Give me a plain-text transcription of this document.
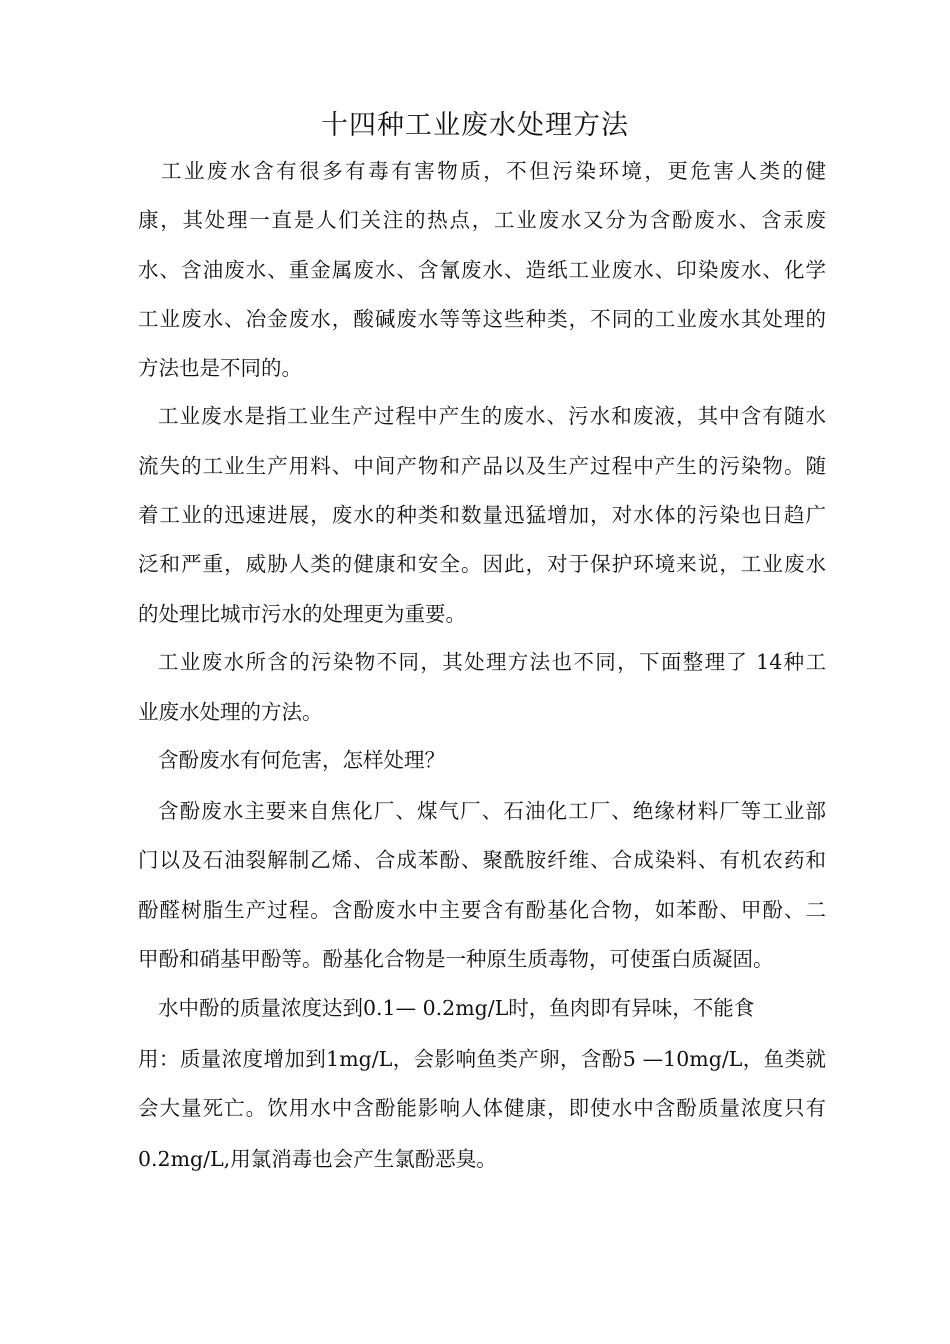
十四种工业废水处理方法

　工业废水含有很多有毒有害物质，不但污染环境，更危害人类的健

康，其处理一直是人们关注的热点，工业废水又分为含酚废水、含汞废

水、含油废水、重金属废水、含氰废水、造纸工业废水、印染废水、化学

工业废水、冶金废水，酸碱废水等等这些种类，不同的工业废水其处理的

方法也是不同的。

工业废水是指工业生产过程中产生的废水、污水和废液，其中含有随水

流失的工业生产用料、中间产物和产品以及生产过程中产生的污染物。随

着工业的迅速进展，废水的种类和数量迅猛增加，对水体的污染也日趋广

泛和严重，威胁人类的健康和安全。因此，对于保护环境来说，工业废水

的处理比城市污水的处理更为重要。

工业废水所含的污染物不同，其处理方法也不同，下面整理了 14种工

业废水处理的方法。

含酚废水有何危害，怎样处理？

含酚废水主要来自焦化厂、煤气厂、石油化工厂、绝缘材料厂等工业部

门以及石油裂解制乙烯、合成苯酚、聚酰胺纤维、合成染料、有机农药和

酚醛树脂生产过程。含酚废水中主要含有酚基化合物，如苯酚、甲酚、二

甲酚和硝基甲酚等。酚基化合物是一种原生质毒物，可使蛋白质凝固。

水中酚的质量浓度达到0.1— 0.2mg/L时，鱼肉即有异味，不能食

用：质量浓度增加到1mg/L，会影响鱼类产卵，含酚5 —10mg/L，鱼类就

会大量死亡。饮用水中含酚能影响人体健康，即使水中含酚质量浓度只有

0.2mg/L,用氯消毒也会产生氯酚恶臭。
